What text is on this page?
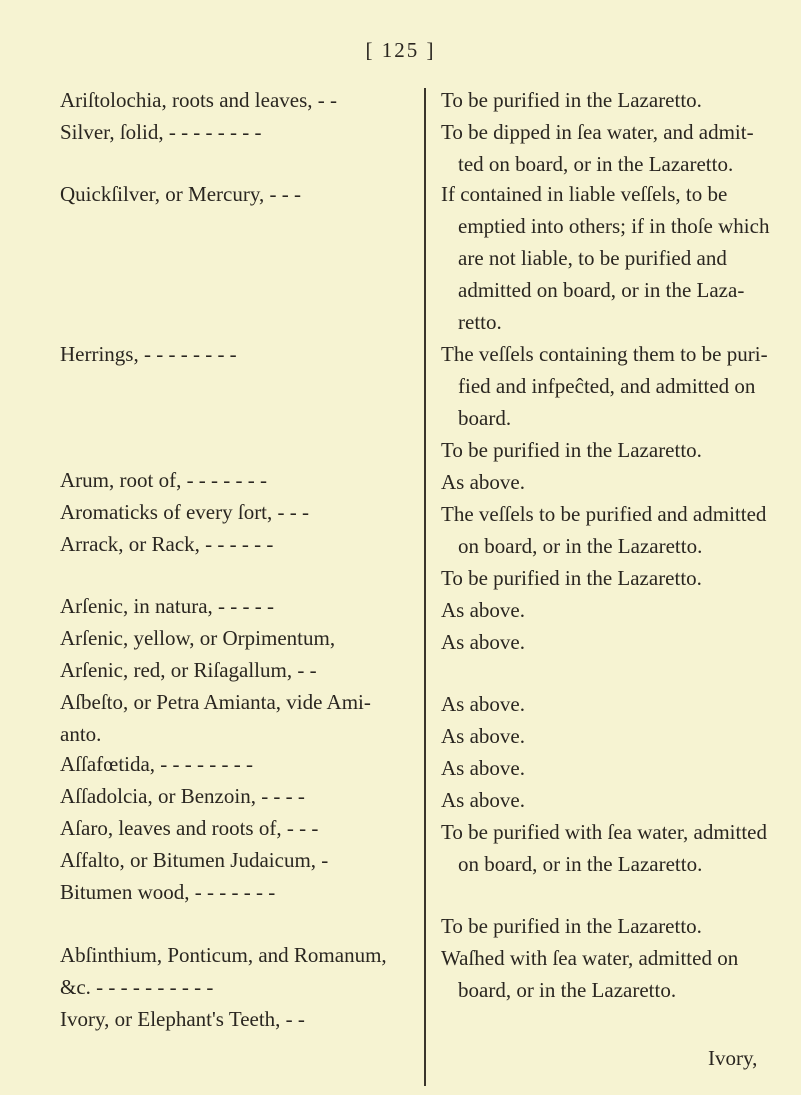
[ 125 ]
Ariſtolochia, roots and leaves, - -
Silver, ſolid, - - - - - - - -
Quickſilver, or Mercury, - - -
Herrings, - - - - - - - -
Arum, root of, - - - - - - -
Aromaticks of every ſort, - - -
Arrack, or Rack, - - - - - -
Arſenic, in natura, - - - - -
Arſenic, yellow, or Orpimentum,
Arſenic, red, or Riſagallum, - -
Aſbeſto, or Petra Amianta, vide Ami-
anto.
Aſſafœtida, - - - - - - - -
Aſſadolcia, or Benzoin, - - - -
Aſaro, leaves and roots of, - - -
Aſfalto, or Bitumen Judaicum, -
Bitumen wood, - - - - - - -
Abſinthium, Ponticum, and Romanum,
&c. - - - - - - - - - -
Ivory, or Elephant's Teeth, - -
To be purified in the Lazaretto.
To be dipped in ſea water, and admit-
ted on board, or in the Lazaretto.
If contained in liable veſſels, to be
emptied into others; if in thoſe which
are not liable, to be purified and
admitted on board, or in the Laza-
retto.
The veſſels containing them to be puri-
fied and infpeĉted, and admitted on
board.
To be purified in the Lazaretto.
As above.
The veſſels to be purified and admitted
on board, or in the Lazaretto.
To be purified in the Lazaretto.
As above.
As above.
As above.
As above.
As above.
As above.
To be purified with ſea water, admitted
on board, or in the Lazaretto.
To be purified in the Lazaretto.
Waſhed with ſea water, admitted on
board, or in the Lazaretto.
Ivory,
